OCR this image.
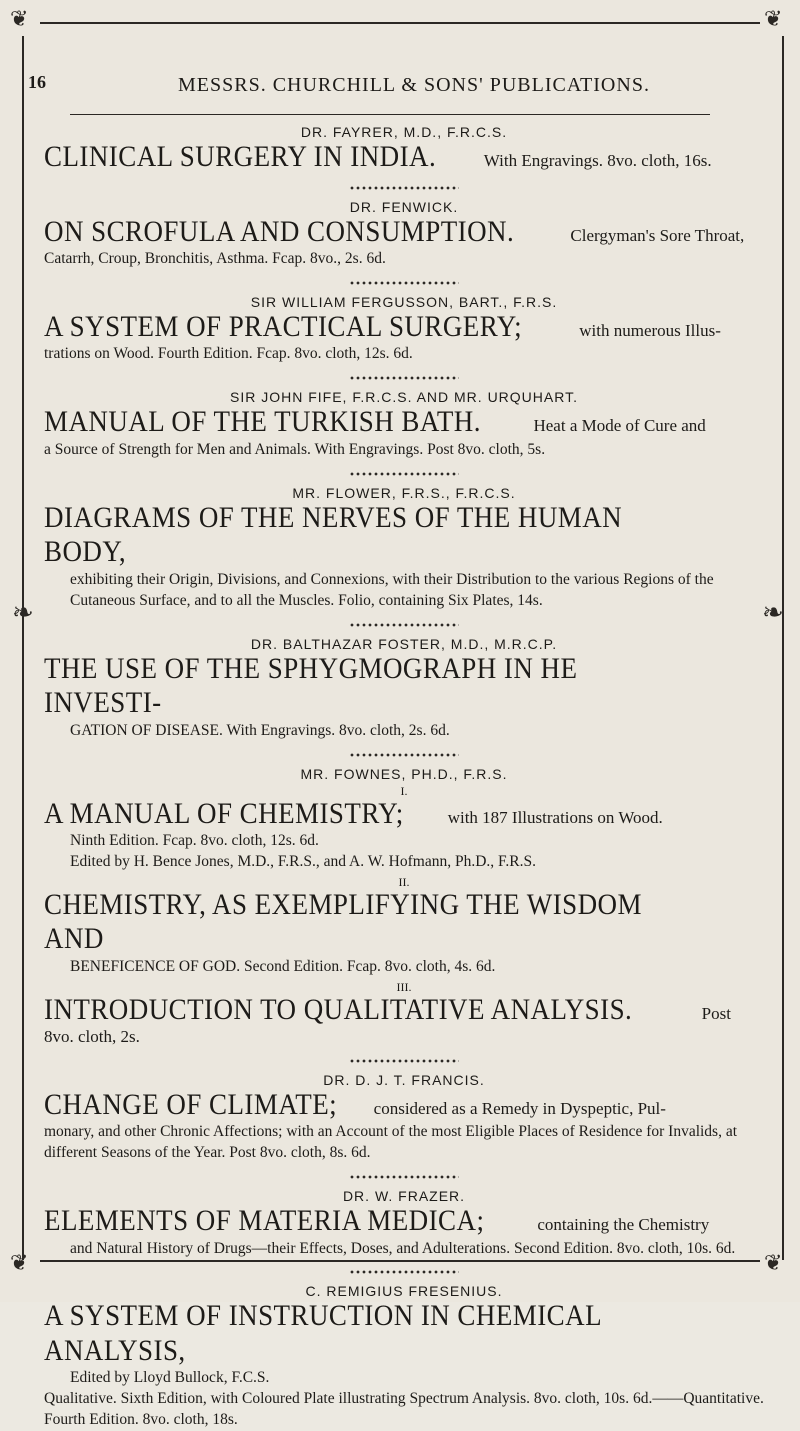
❦	❦
❦	❦
❧	❧
16	MESSRS. CHURCHILL & SONS' PUBLICATIONS.

DR. FAYRER, M.D., F.R.C.S.

CLINICAL SURGERY IN INDIA.	With Engravings. 8vo. cloth, 16s.

DR. FENWICK.

ON SCROFULA AND CONSUMPTION.	Clergyman's Sore Throat,

Catarrh, Croup, Bronchitis, Asthma. Fcap. 8vo., 2s. 6d.

SIR WILLIAM FERGUSSON, BART., F.R.S.

A SYSTEM OF PRACTICAL SURGERY;	with numerous Illus-

trations on Wood. Fourth Edition. Fcap. 8vo. cloth, 12s. 6d.

SIR JOHN FIFE, F.R.C.S. AND MR. URQUHART.

MANUAL OF THE TURKISH BATH.	Heat a Mode of Cure and

a Source of Strength for Men and Animals. With Engravings. Post 8vo. cloth, 5s.

MR. FLOWER, F.R.S., F.R.C.S.

DIAGRAMS OF THE NERVES OF THE HUMAN BODY,

exhibiting their Origin, Divisions, and Connexions, with their Distribution to the various Regions of the Cutaneous Surface, and to all the Muscles. Folio, containing Six Plates, 14s.

DR. BALTHAZAR FOSTER, M.D., M.R.C.P.

THE USE OF THE SPHYGMOGRAPH IN HE INVESTI-

GATION OF DISEASE. With Engravings. 8vo. cloth, 2s. 6d.

MR. FOWNES, PH.D., F.R.S.

I.

A MANUAL OF CHEMISTRY;	with 187 Illustrations on Wood.

Ninth Edition. Fcap. 8vo. cloth, 12s. 6d.

Edited by H. Bence Jones, M.D., F.R.S., and A. W. Hofmann, Ph.D., F.R.S.

II.

CHEMISTRY, AS EXEMPLIFYING THE WISDOM AND

BENEFICENCE OF GOD. Second Edition. Fcap. 8vo. cloth, 4s. 6d.

III.

INTRODUCTION TO QUALITATIVE ANALYSIS.	Post 8vo. cloth, 2s.

DR. D. J. T. FRANCIS.

CHANGE OF CLIMATE; considered as a Remedy in Dyspeptic, Pul-

monary, and other Chronic Affections; with an Account of the most Eligible Places of Residence for Invalids, at different Seasons of the Year. Post 8vo. cloth, 8s. 6d.

DR. W. FRAZER.

ELEMENTS OF MATERIA MEDICA;	containing the Chemistry

and Natural History of Drugs—their Effects, Doses, and Adulterations. Second Edition. 8vo. cloth, 10s. 6d.

C. REMIGIUS FRESENIUS.

A SYSTEM OF INSTRUCTION IN CHEMICAL ANALYSIS,

Edited by Lloyd Bullock, F.C.S.

Qualitative. Sixth Edition, with Coloured Plate illustrating Spectrum Analysis. 8vo. cloth, 10s. 6d.——Quantitative. Fourth Edition. 8vo. cloth, 18s.
